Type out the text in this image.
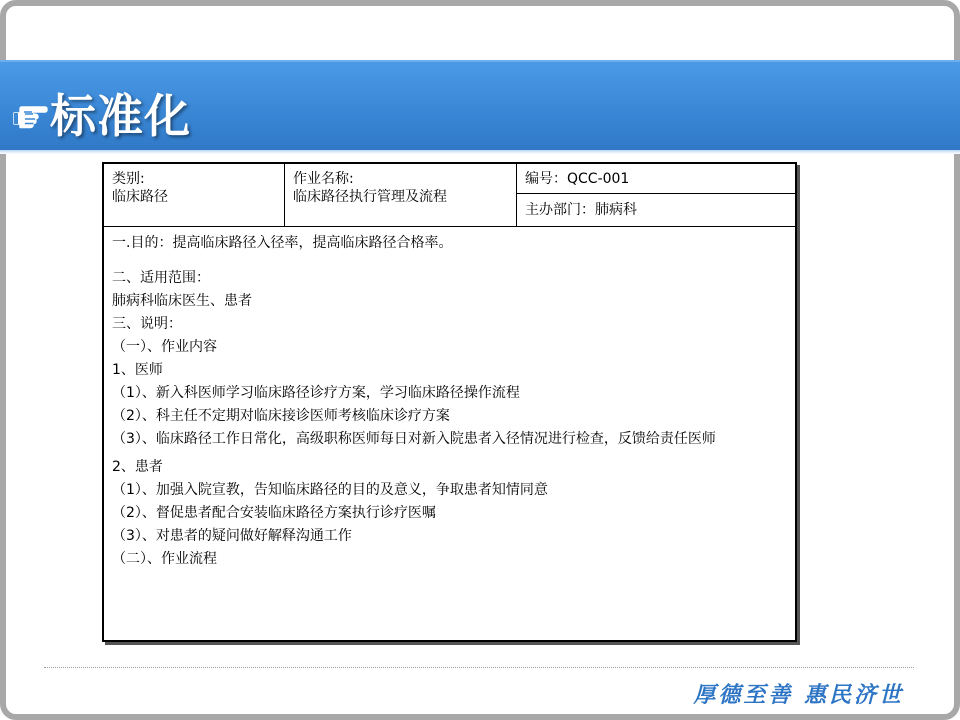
标准化
类别:
临床路径
作业名称:
临床路径执行管理及流程
编号：QCC-001
主办部门：肺病科
一.目的：提高临床路径入径率，提高临床路径合格率。
二、适用范围：
肺病科临床医生、患者
三、说明：
（一）、作业内容
1、医师
（1）、新入科医师学习临床路径诊疗方案，学习临床路径操作流程
（2）、科主任不定期对临床接诊医师考核临床诊疗方案
（3）、临床路径工作日常化，高级职称医师每日对新入院患者入径情况进行检查，反馈给责任医师
2、患者
（1）、加强入院宣教，告知临床路径的目的及意义，争取患者知情同意
（2）、督促患者配合安装临床路径方案执行诊疗医嘱
（3）、对患者的疑问做好解释沟通工作
（二）、作业流程
厚德至善 惠民济世
